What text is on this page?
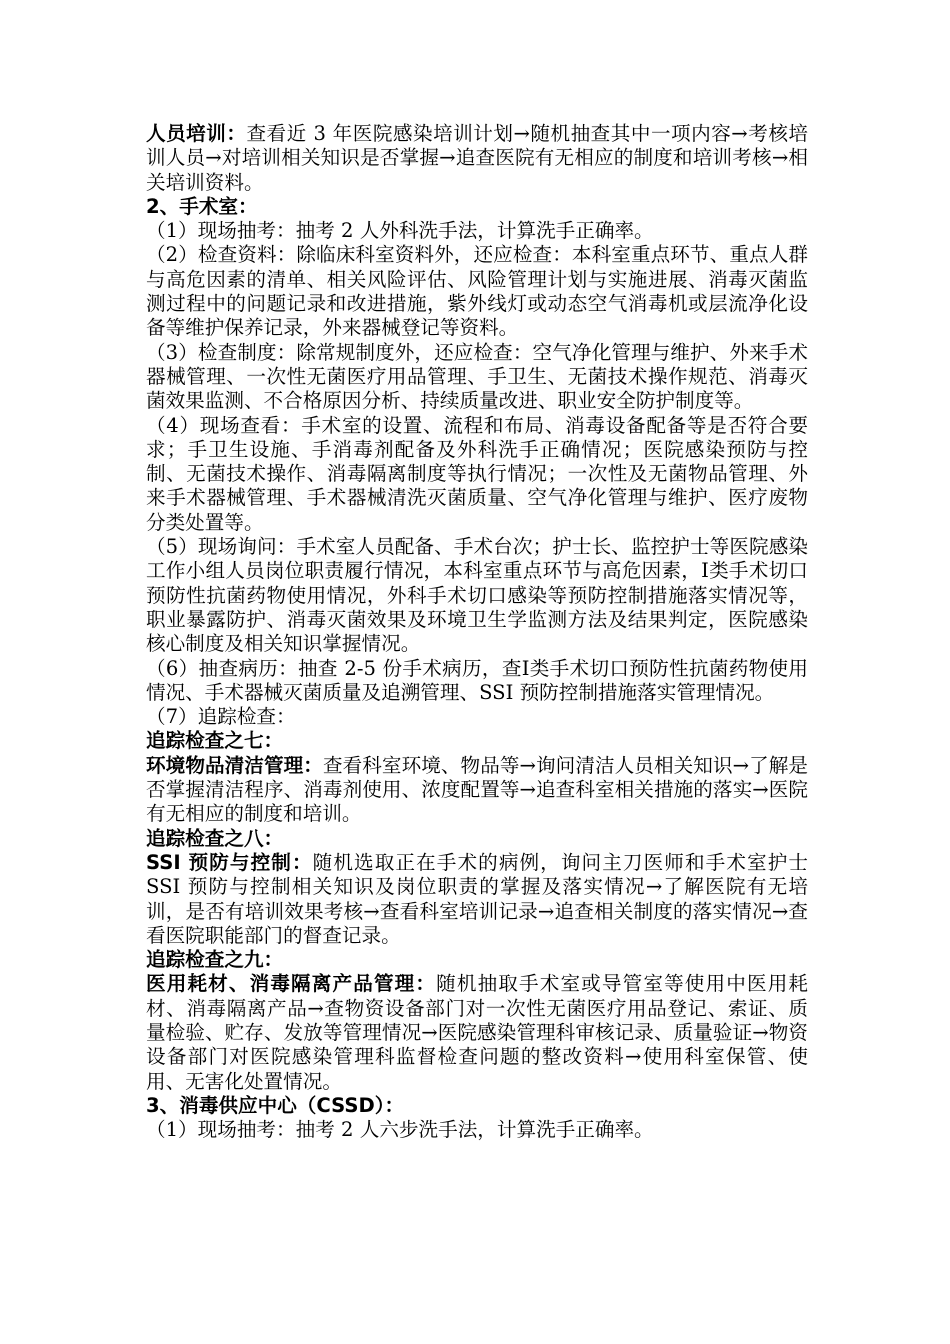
人员培训：查看近 3 年医院感染培训计划→随机抽查其中一项内容→考核培训人员→对培训相关知识是否掌握→追查医院有无相应的制度和培训考核→相关培训资料。

2、手术室：

（1）现场抽考：抽考 2 人外科洗手法，计算洗手正确率。

（2）检查资料：除临床科室资料外，还应检查：本科室重点环节、重点人群与高危因素的清单、相关风险评估、风险管理计划与实施进展、消毒灭菌监测过程中的问题记录和改进措施，紫外线灯或动态空气消毒机或层流净化设备等维护保养记录，外来器械登记等资料。

（3）检查制度：除常规制度外，还应检查：空气净化管理与维护、外来手术器械管理、一次性无菌医疗用品管理、手卫生、无菌技术操作规范、消毒灭菌效果监测、不合格原因分析、持续质量改进、职业安全防护制度等。

（4）现场查看：手术室的设置、流程和布局、消毒设备配备等是否符合要求；手卫生设施、手消毒剂配备及外科洗手正确情况；医院感染预防与控制、无菌技术操作、消毒隔离制度等执行情况；一次性及无菌物品管理、外来手术器械管理、手术器械清洗灭菌质量、空气净化管理与维护、医疗废物分类处置等。

（5）现场询问：手术室人员配备、手术台次；护士长、监控护士等医院感染工作小组人员岗位职责履行情况，本科室重点环节与高危因素，Ⅰ类手术切口预防性抗菌药物使用情况，外科手术切口感染等预防控制措施落实情况等，职业暴露防护、消毒灭菌效果及环境卫生学监测方法及结果判定，医院感染核心制度及相关知识掌握情况。

（6）抽查病历：抽查 2-5 份手术病历，查Ⅰ类手术切口预防性抗菌药物使用情况、手术器械灭菌质量及追溯管理、SSI 预防控制措施落实管理情况。

（7）追踪检查：

追踪检查之七：

环境物品清洁管理：查看科室环境、物品等→询问清洁人员相关知识→了解是否掌握清洁程序、消毒剂使用、浓度配置等→追查科室相关措施的落实→医院有无相应的制度和培训。

追踪检查之八：

SSI 预防与控制：随机选取正在手术的病例，询问主刀医师和手术室护士 SSI 预防与控制相关知识及岗位职责的掌握及落实情况→了解医院有无培训，是否有培训效果考核→查看科室培训记录→追查相关制度的落实情况→查看医院职能部门的督查记录。

追踪检查之九：

医用耗材、消毒隔离产品管理：随机抽取手术室或导管室等使用中医用耗材、消毒隔离产品→查物资设备部门对一次性无菌医疗用品登记、索证、质量检验、贮存、发放等管理情况→医院感染管理科审核记录、质量验证→物资设备部门对医院感染管理科监督检查问题的整改资料→使用科室保管、使用、无害化处置情况。

3、消毒供应中心（CSSD）：

（1）现场抽考：抽考 2 人六步洗手法，计算洗手正确率。
